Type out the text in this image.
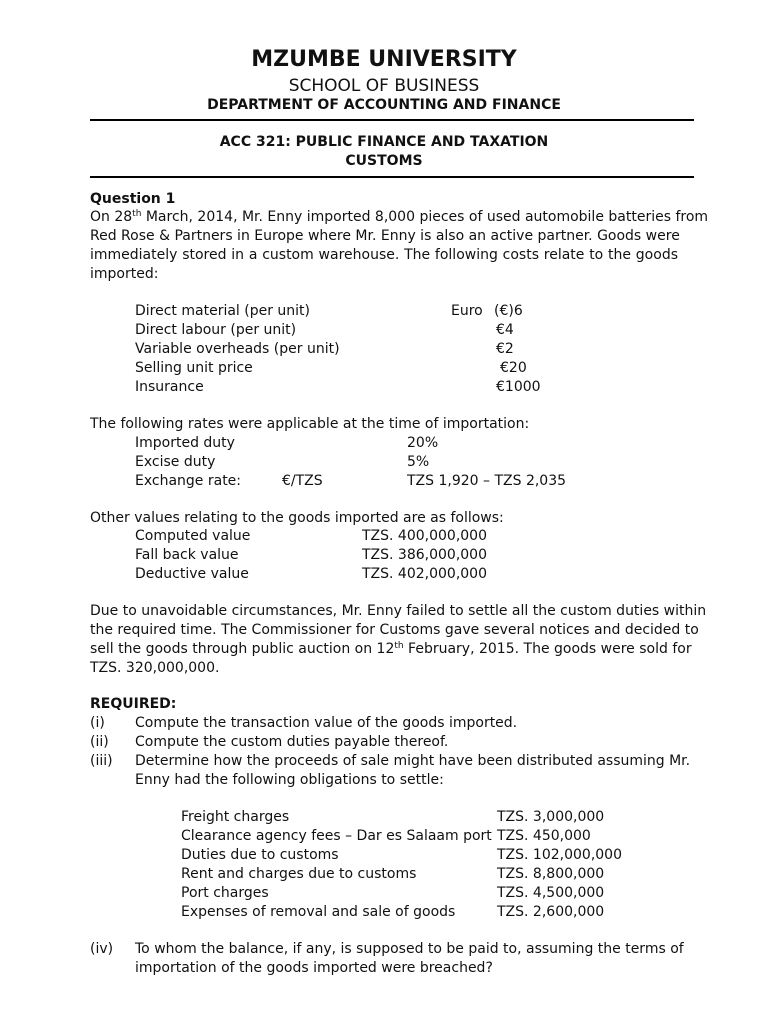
MZUMBE UNIVERSITY
SCHOOL OF BUSINESS
DEPARTMENT OF ACCOUNTING AND FINANCE
ACC 321: PUBLIC FINANCE AND TAXATION
CUSTOMS
Question 1
On 28th March, 2014, Mr. Enny imported 8,000 pieces of used automobile batteries from
Red Rose & Partners in Europe where Mr. Enny is also an active partner. Goods were
immediately stored in a custom warehouse. The following costs relate to the goods
imported:
Direct material (per unit)	Euro (€)6
Direct labour (per unit)	€4
Variable overheads (per unit)	€2
Selling unit price	€20
Insurance	€1000
The following rates were applicable at the time of importation:
Imported duty	20%
Excise duty	5%
Exchange rate:	€/TZS	TZS 1,920 – TZS 2,035
Other values relating to the goods imported are as follows:
Computed value	TZS. 400,000,000
Fall back value	TZS. 386,000,000
Deductive value	TZS. 402,000,000
Due to unavoidable circumstances, Mr. Enny failed to settle all the custom duties within
the required time. The Commissioner for Customs gave several notices and decided to
sell the goods through public auction on 12th February, 2015. The goods were sold for
TZS. 320,000,000.
REQUIRED:
(i) Compute the transaction value of the goods imported.
(ii) Compute the custom duties payable thereof.
(iii) Determine how the proceeds of sale might have been distributed assuming Mr.
Enny had the following obligations to settle:
Freight charges	TZS. 3,000,000
Clearance agency fees – Dar es Salaam port TZS. 450,000
Duties due to customs	TZS. 102,000,000
Rent and charges due to customs	TZS. 8,800,000
Port charges	TZS. 4,500,000
Expenses of removal and sale of goods	TZS. 2,600,000
(iv) To whom the balance, if any, is supposed to be paid to, assuming the terms of
importation of the goods imported were breached?
